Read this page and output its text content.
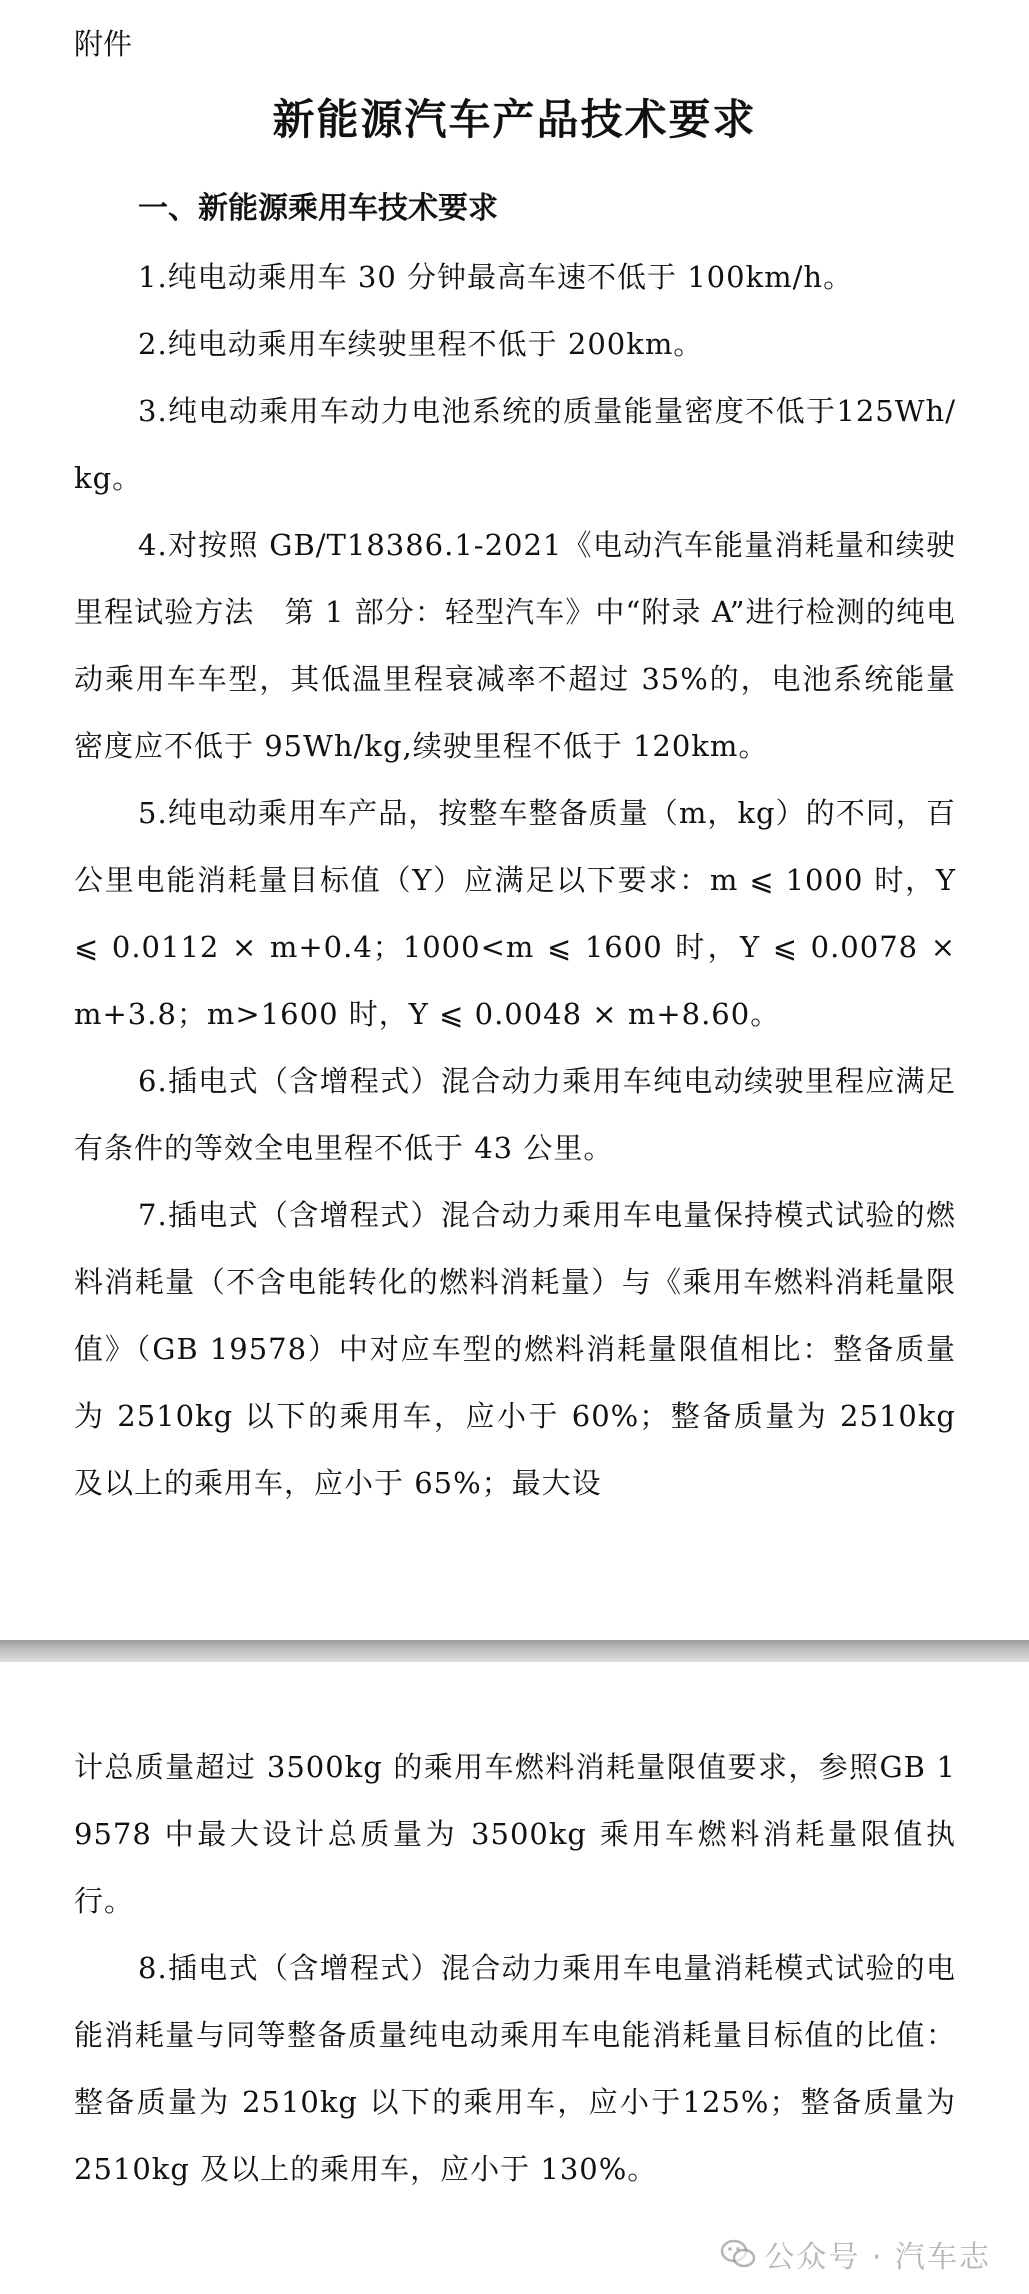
附件
新能源汽车产品技术要求
一、新能源乘用车技术要求

1.纯电动乘用车 30 分钟最高车速不低于 100km/h。

2.纯电动乘用车续驶里程不低于 200km。

3.纯电动乘用车动力电池系统的质量能量密度不低于125Wh/kg。

4.对按照 GB/T18386.1-2021《电动汽车能量消耗量和续驶里程试验方法　第 1 部分：轻型汽车》中“附录 A”进行检测的纯电动乘用车车型，其低温里程衰减率不超过 35%的，电池系统能量密度应不低于 95Wh/kg,续驶里程不低于 120km。

5.纯电动乘用车产品，按整车整备质量（m，kg）的不同，百公里电能消耗量目标值（Y）应满足以下要求：m ⩽ 1000 时，Y ⩽ 0.0112 × m+0.4；1000<m ⩽ 1600 时，Y ⩽ 0.0078 × m+3.8；m>1600 时，Y ⩽ 0.0048 × m+8.60。

6.插电式（含增程式）混合动力乘用车纯电动续驶里程应满足有条件的等效全电里程不低于 43 公里。

7.插电式（含增程式）混合动力乘用车电量保持模式试验的燃料消耗量（不含电能转化的燃料消耗量）与《乘用车燃料消耗量限值》（GB 19578）中对应车型的燃料消耗量限值相比：整备质量为 2510kg 以下的乘用车，应小于 60%；整备质量为 2510kg 及以上的乘用车，应小于 65%；最大设

计总质量超过 3500kg 的乘用车燃料消耗量限值要求，参照GB 19578 中最大设计总质量为 3500kg 乘用车燃料消耗量限值执行。

8.插电式（含增程式）混合动力乘用车电量消耗模式试验的电能消耗量与同等整备质量纯电动乘用车电能消耗量目标值的比值：整备质量为 2510kg 以下的乘用车，应小于125%；整备质量为 2510kg 及以上的乘用车，应小于 130%。

公众号 · 汽车志
